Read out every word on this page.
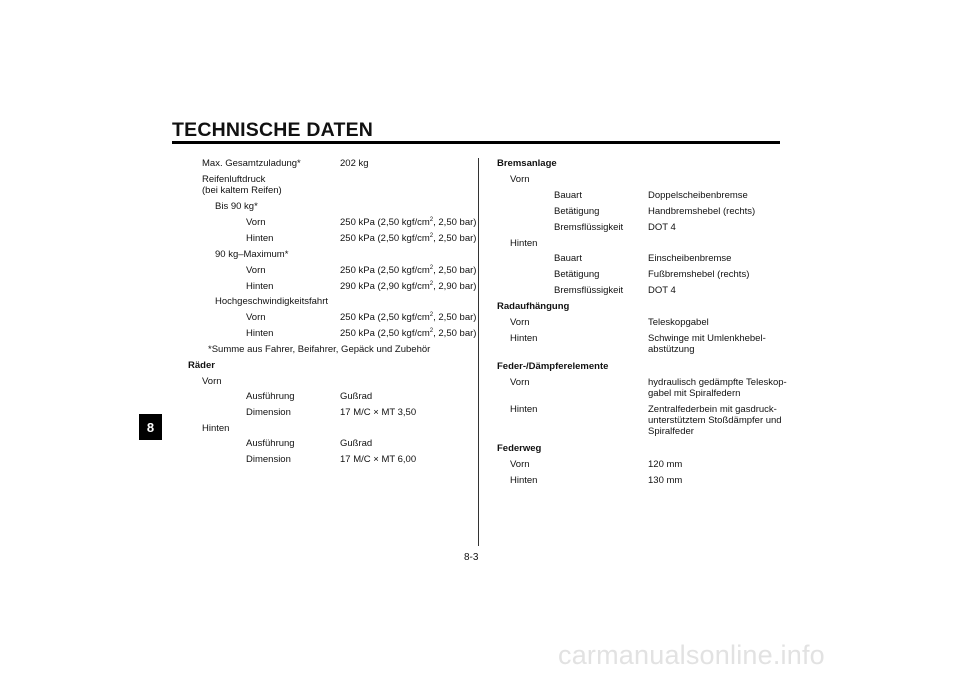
TECHNISCHE DATEN
8
Max. Gesamtzuladung*	202 kg
Reifenluftdruck
(bei kaltem Reifen)
Bis 90 kg*
Vorn	250 kPa (2,50 kgf/$cm^2$, 2,50 bar)
Hinten	250 kPa (2,50 kgf/$cm^2$, 2,50 bar)
90 kg–Maximum*
Vorn	250 kPa (2,50 kgf/$cm^2$, 2,50 bar)
Hinten	290 kPa (2,90 kgf/$cm^2$, 2,90 bar)
Hochgeschwindigkeitsfahrt
Vorn	250 kPa (2,50 kgf/$cm^2$, 2,50 bar)
Hinten	250 kPa (2,50 kgf/$cm^2$, 2,50 bar)
*Summe aus Fahrer, Beifahrer, Gepäck und Zubehör
Räder
Vorn
Ausführung	Gußrad
Dimension	17 M/C × MT 3,50
Hinten
Ausführung	Gußrad
Dimension	17 M/C × MT 6,00
Bremsanlage
Vorn
Bauart	Doppelscheibenbremse
Betätigung	Handbremshebel (rechts)
Bremsflüssigkeit	DOT 4
Hinten
Bauart	Einscheibenbremse
Betätigung	Fußbremshebel (rechts)
Bremsflüssigkeit	DOT 4
Radaufhängung
Vorn	Teleskopgabel
Hinten	Schwinge mit Umlenkhebel-
abstützung
Feder-/Dämpferelemente
Vorn	hydraulisch gedämpfte Teleskop-
gabel mit Spiralfedern
Hinten	Zentralfederbein mit gasdruck-
unterstütztem Stoßdämpfer und
Spiralfeder
Federweg
Vorn	120 mm
Hinten	130 mm
8-3
carmanualsonline.info
